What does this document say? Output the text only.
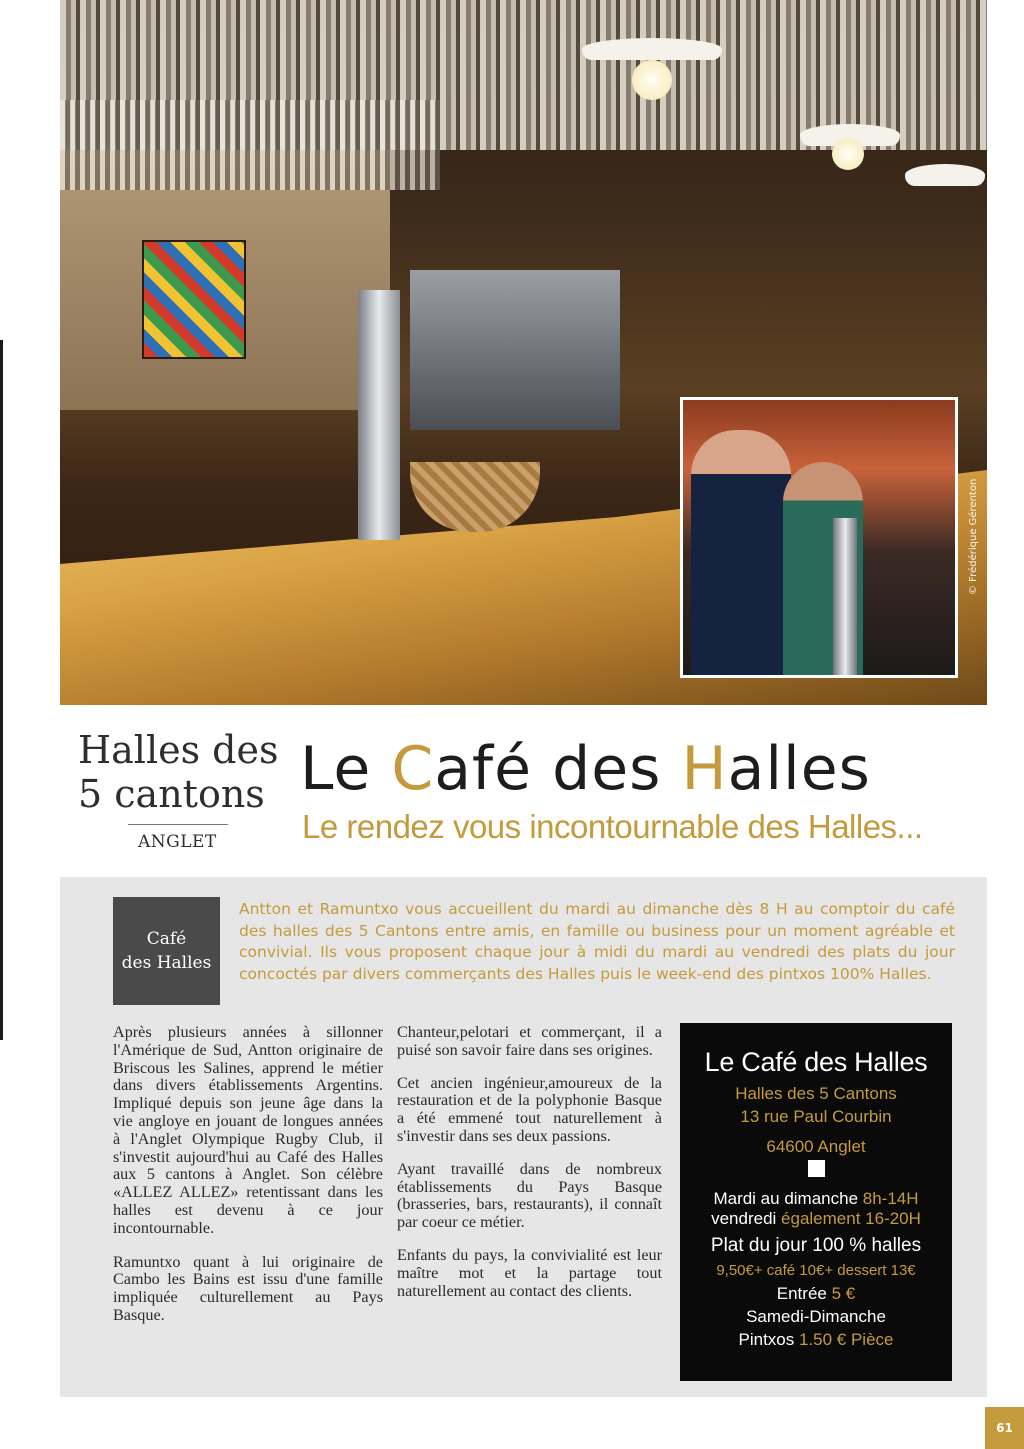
© Frédérique Gérenton
Halles des
5 cantons
ANGLET
Le Café des Halles
Le rendez vous incontournable des Halles...
Café
des Halles
Antton et Ramuntxo vous accueillent du mardi au dimanche dès 8 H au comptoir du café des halles des 5 Cantons entre amis, en famille ou business pour un moment agréable et convivial. Ils vous proposent chaque jour à midi du mardi au vendredi des plats du jour concoctés par divers commerçants des Halles puis le week-end des pintxos 100% Halles.

Après plusieurs années à sillonner l'Amérique de Sud, Antton originaire de Briscous les Salines, apprend le métier dans divers établissements Argentins. Impliqué depuis son jeune âge dans la vie angloye en jouant de longues années à l'Anglet Olympique Rugby Club, il s'investit aujourd'hui au Café des Halles aux 5 cantons à Anglet. Son célèbre «ALLEZ ALLEZ» retentissant dans les halles est devenu à ce jour incontournable.

Ramuntxo quant à lui originaire de Cambo les Bains est issu d'une famille impliquée culturellement au Pays Basque.

Chanteur,pelotari et commerçant, il a puisé son savoir faire dans ses origines.

Cet ancien ingénieur,amoureux de la restauration et de la polyphonie Basque a été emmené tout naturellement à s'investir dans ses deux passions.

Ayant travaillé dans de nombreux établissements du Pays Basque (brasseries, bars, restaurants), il connaît par coeur ce métier.

Enfants du pays, la convivialité est leur maître mot et la partage tout naturellement au contact des clients.

Le Café des Halles
Halles des 5 Cantons
13 rue Paul Courbin
64600 Anglet
Mardi au dimanche 8h-14H
vendredi également 16-20H
Plat du jour 100 % halles
9,50€+ café 10€+ dessert 13€
Entrée 5 €
Samedi-Dimanche
Pintxos 1.50 € Pièce
61
